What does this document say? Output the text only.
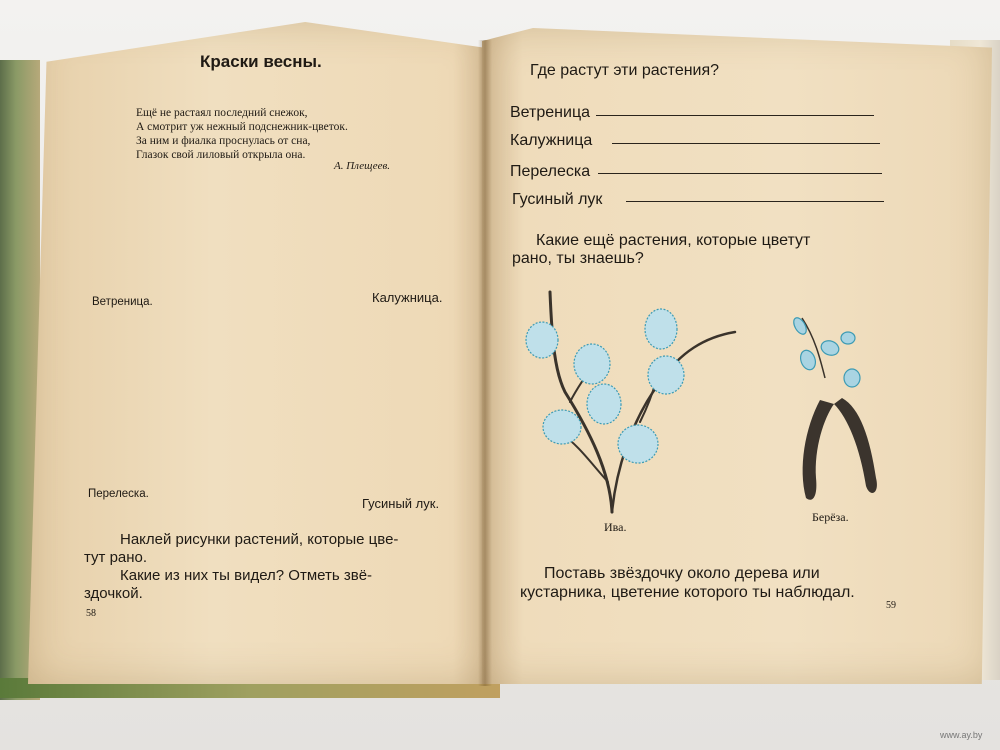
Краски весны.
Ещё не растаял последний снежок,
А смотрит уж нежный подснежник-цветок.
За ним и фиалка проснулась от сна,
Глазок свой лиловый открыла она.
А. Плещеев.
Ветреница.	Калужница.
Перелеска.
Гусиный лук.
Наклей рисунки растений, которые цве-
тут рано.
Какие из них ты видел? Отметь звё-
здочкой.
58
Где растут эти растения?
Ветреница
Калужница
Перелеска
Гусиный лук
Какие ещё растения, которые цветут
рано, ты знаешь?
Ива.
Берёза.
Поставь звёздочку около дерева или
кустарника, цветение которого ты наблюдал.
59
www.ay.by
